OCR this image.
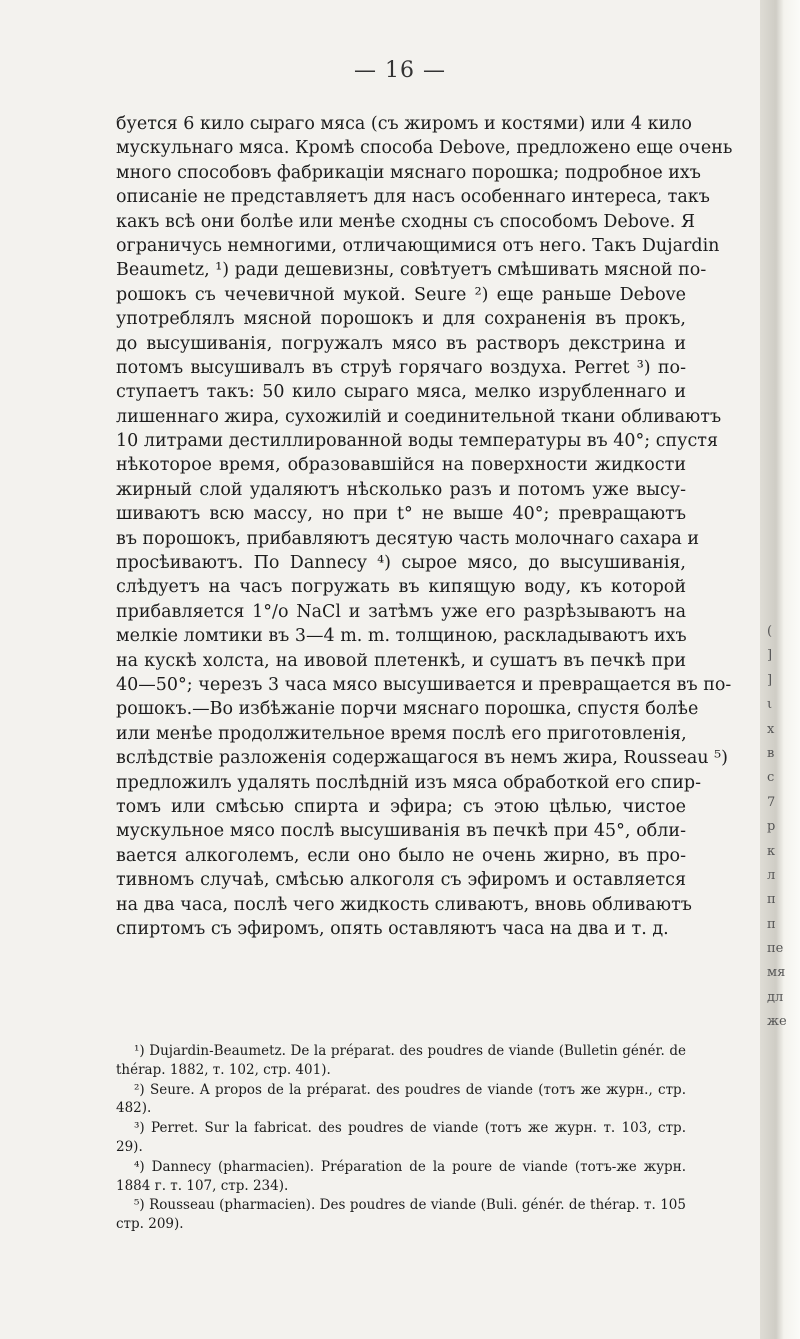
— 16 —
буется 6 кило сыраго мяса (съ жиромъ и костями) или 4 кило
мускульнаго мяса. Кромѣ способа Debove, предложено еще очень
много способовъ фабрикаціи мяснаго порошка; подробное ихъ
описаніе не представляетъ для насъ особеннаго интереса, такъ
какъ всѣ они болѣе или менѣе сходны съ способомъ Debove. Я
ограничусь немногими, отличающимися отъ него. Такъ Dujardin
Beaumetz, ¹) ради дешевизны, совѣтуетъ смѣшивать мясной по-
рошокъ съ чечевичной мукой. Seure ²) еще раньше Debove
употреблялъ мясной порошокъ и для сохраненія въ прокъ,
до высушиванія, погружалъ мясо въ растворъ декстрина и
потомъ высушивалъ въ струѣ горячаго воздуха. Perret ³) по-
ступаетъ такъ: 50 кило сыраго мяса, мелко изрубленнаго и
лишеннаго жира, сухожилій и соединительной ткани обливаютъ
10 литрами дестиллированной воды температуры въ 40°; спустя
нѣкоторое время, образовавшійся на поверхности жидкости
жирный слой удаляютъ нѣсколько разъ и потомъ уже высу-
шиваютъ всю массу, но при t° не выше 40°; превращаютъ
въ порошокъ, прибавляютъ десятую часть молочнаго сахара и
просѣиваютъ. По Dannecy ⁴) сырое мясо, до высушиванія,
слѣдуетъ на часъ погружать въ кипящую воду, къ которой
прибавляется 1°/o NaCl и затѣмъ уже его разрѣзываютъ на
мелкіе ломтики въ 3—4 m. m. толщиною, раскладываютъ ихъ
на кускѣ холста, на ивовой плетенкѣ, и сушатъ въ печкѣ при
40—50°; черезъ 3 часа мясо высушивается и превращается въ по-
рошокъ.—Во избѣжаніе порчи мяснаго порошка, спустя болѣе
или менѣе продолжительное время послѣ его приготовленія,
вслѣдствіе разложенія содержащагося въ немъ жира, Rousseau ⁵)
предложилъ удалять послѣдній изъ мяса обработкой его спир-
томъ или смѣсью спирта и эфира; съ этою цѣлью, чистое
мускульное мясо послѣ высушиванія въ печкѣ при 45°, обли-
вается алкоголемъ, если оно было не очень жирно, въ про-
тивномъ случаѣ, смѣсью алкоголя съ эфиромъ и оставляется
на два часа, послѣ чего жидкость сливаютъ, вновь обливаютъ
спиртомъ съ эфиромъ, опять оставляютъ часа на два и т. д.

¹) Dujardin-Beaumetz. De la préparat. des poudres de viande (Bulletin génér. de thérap. 1882, т. 102, стр. 401).

²) Seure. A propos de la préparat. des poudres de viande (тотъ же журн., стр. 482).

³) Perret. Sur la fabricat. des poudres de viande (тотъ же журн. т. 103, стр. 29).

⁴) Dannecy (pharmacien). Préparation de la poure de viande (тотъ-же журн. 1884 г. т. 107, стр. 234).

⁵) Rousseau (pharmacien). Des poudres de viande (Buli. génér. de thérap. т. 105 стр. 209).

(
]
]
ι
x
в
с
7
р
к
л
п
п
пе
мя
дл
же
